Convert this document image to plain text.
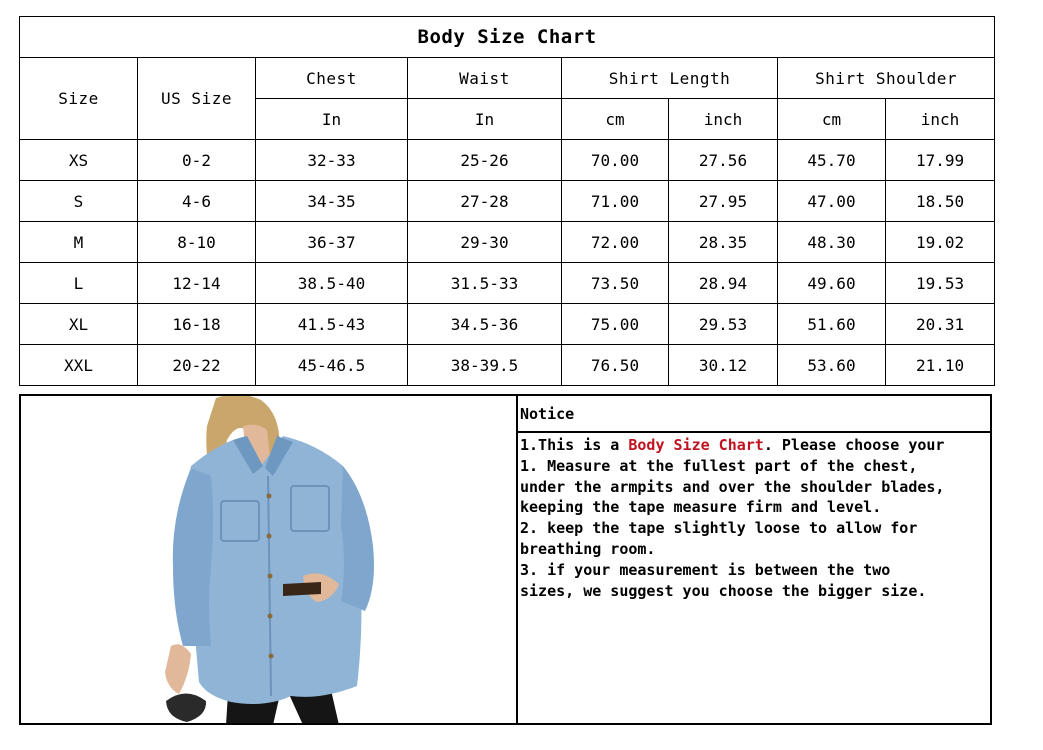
Body Size Chart							
Size	US Size	Chest	Waist	Shirt Length		Shirt Shoulder	
		In	In	cm	inch	cm	inch
XS	0-2	32-33	25-26	70.00	27.56	45.70	17.99
S	4-6	34-35	27-28	71.00	27.95	47.00	18.50
M	8-10	36-37	29-30	72.00	28.35	48.30	19.02
L	12-14	38.5-40	31.5-33	73.50	28.94	49.60	19.53
XL	16-18	41.5-43	34.5-36	75.00	29.53	51.60	20.31
XXL	20-22	45-46.5	38-39.5	76.50	30.12	53.60	21.10
Notice
1.This is a Body Size Chart. Please choose your
1. Measure at the fullest part of the chest,
under the armpits and over the shoulder blades,
keeping the tape measure firm and level.
2. keep the tape slightly loose to allow for
breathing room.
3. if your measurement is between the two
sizes, we suggest you choose the bigger size.
